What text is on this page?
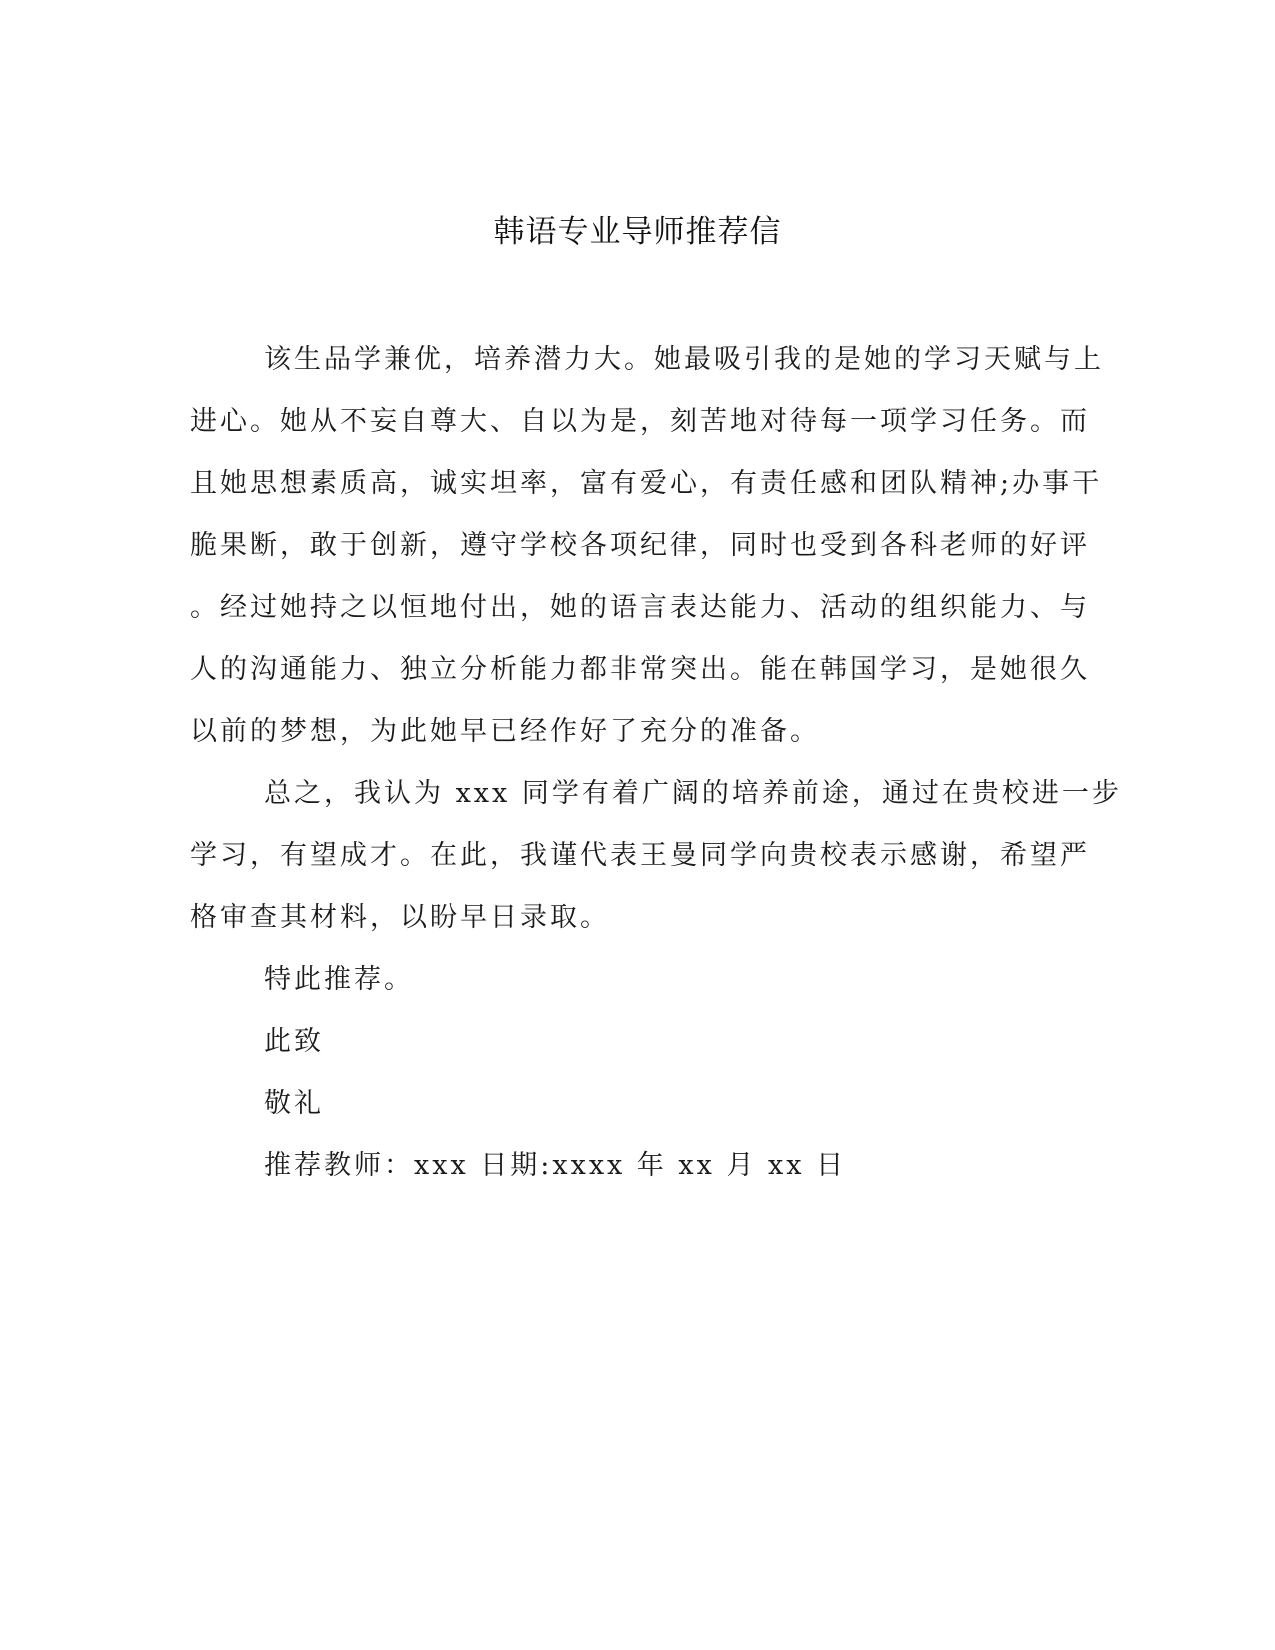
韩语专业导师推荐信
该生品学兼优，培养潜力大。她最吸引我的是她的学习天赋与上
进心。她从不妄自尊大、自以为是，刻苦地对待每一项学习任务。而
且她思想素质高，诚实坦率，富有爱心，有责任感和团队精神;办事干
脆果断，敢于创新，遵守学校各项纪律，同时也受到各科老师的好评
。经过她持之以恒地付出，她的语言表达能力、活动的组织能力、与
人的沟通能力、独立分析能力都非常突出。能在韩国学习，是她很久
以前的梦想，为此她早已经作好了充分的准备。
总之，我认为 xxx 同学有着广阔的培养前途，通过在贵校进一步
学习，有望成才。在此，我谨代表王曼同学向贵校表示感谢，希望严
格审查其材料，以盼早日录取。
特此推荐。
此致
敬礼
推荐教师：xxx 日期:xxxx 年 xx 月 xx 日
